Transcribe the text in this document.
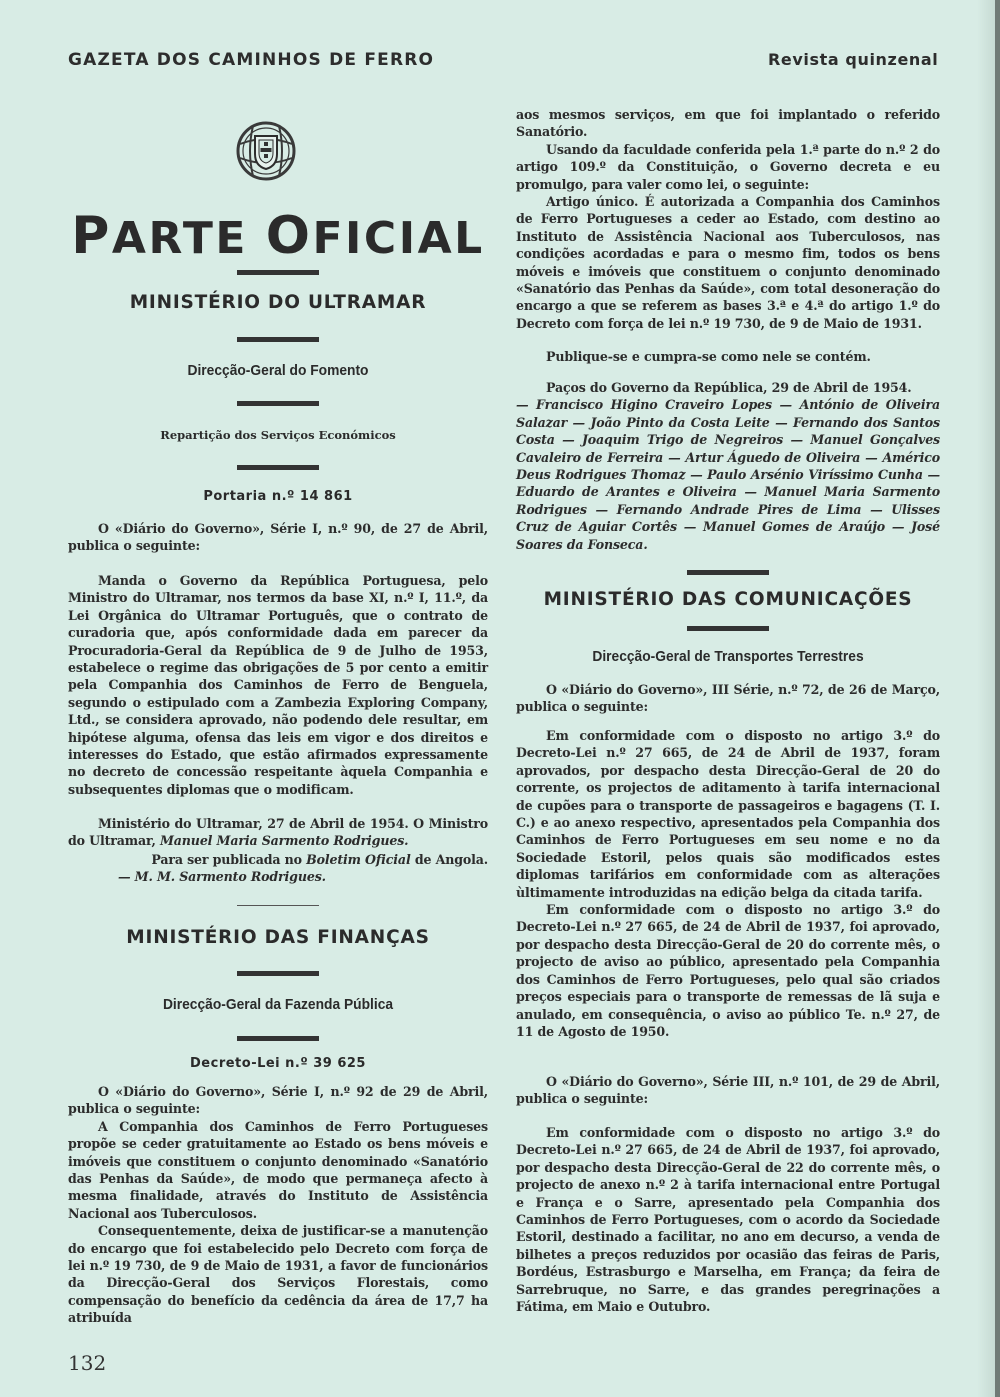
GAZETA DOS CAMINHOS DE FERRO	Revista quinzenal
PARTE OFICIAL
MINISTÉRIO DO ULTRAMAR
Direcção-Geral do Fomento
Repartição dos Serviços Económicos
Portaria n.º 14 861

O «Diário do Governo», Série I, n.º 90, de 27 de Abril, publica o seguinte:

Manda o Governo da República Portuguesa, pelo Ministro do Ultramar, nos termos da base XI, n.º I, 11.º, da Lei Orgânica do Ultramar Português, que o contrato de curadoria que, após conformidade dada em parecer da Procuradoria-Geral da República de 9 de Julho de 1953, estabelece o regime das obrigações de 5 por cento a emitir pela Companhia dos Caminhos de Ferro de Benguela, segundo o estipulado com a Zambezia Exploring Company, Ltd., se considera aprovado, não podendo dele resultar, em hipótese alguma, ofensa das leis em vigor e dos direitos e interesses do Estado, que estão afirmados expressamente no decreto de concessão respeitante àquela Companhia e subsequentes diplomas que o modificam.

Ministério do Ultramar, 27 de Abril de 1954. O Ministro do Ultramar, Manuel Maria Sarmento Rodrigues.

Para ser publicada no Boletim Oficial de Angola.

— M. M. Sarmento Rodrigues.

MINISTÉRIO DAS FINANÇAS
Direcção-Geral da Fazenda Pública
Decreto-Lei n.º 39 625

O «Diário do Governo», Série I, n.º 92 de 29 de Abril, publica o seguinte:

A Companhia dos Caminhos de Ferro Portugueses propõe se ceder gratuitamente ao Estado os bens móveis e imóveis que constituem o conjunto denominado «Sanatório das Penhas da Saúde», de modo que permaneça afecto à mesma finalidade, através do Instituto de Assistência Nacional aos Tuberculosos.

Consequentemente, deixa de justificar-se a manutenção do encargo que foi estabelecido pelo Decreto com força de lei n.º 19 730, de 9 de Maio de 1931, a favor de funcionários da Direcção-Geral dos Serviços Florestais, como compensação do benefício da cedência da área de 17,7 ha atribuída

aos mesmos serviços, em que foi implantado o referido Sanatório.

Usando da faculdade conferida pela 1.ª parte do n.º 2 do artigo 109.º da Constituição, o Governo decreta e eu promulgo, para valer como lei, o seguinte:

Artigo único. É autorizada a Companhia dos Caminhos de Ferro Portugueses a ceder ao Estado, com destino ao Instituto de Assistência Nacional aos Tuberculosos, nas condições acordadas e para o mesmo fim, todos os bens móveis e imóveis que constituem o conjunto denominado «Sanatório das Penhas da Saúde», com total desoneração do encargo a que se referem as bases 3.ª e 4.ª do artigo 1.º do Decreto com força de lei n.º 19 730, de 9 de Maio de 1931.

Publique-se e cumpra-se como nele se contém.

Paços do Governo da República, 29 de Abril de 1954.

— Francisco Higino Craveiro Lopes — António de Oliveira Salazar — João Pinto da Costa Leite — Fernando dos Santos Costa — Joaquim Trigo de Negreiros — Manuel Gonçalves Cavaleiro de Ferreira — Artur Águedo de Oliveira — Américo Deus Rodrigues Thomaz — Paulo Arsénio Viríssimo Cunha — Eduardo de Arantes e Oliveira — Manuel Maria Sarmento Rodrigues — Fernando Andrade Pires de Lima — Ulisses Cruz de Aguiar Cortês — Manuel Gomes de Araújo — José Soares da Fonseca.

MINISTÉRIO DAS COMUNICAÇÕES
Direcção-Geral de Transportes Terrestres

O «Diário do Governo», III Série, n.º 72, de 26 de Março, publica o seguinte:

Em conformidade com o disposto no artigo 3.º do Decreto-Lei n.º 27 665, de 24 de Abril de 1937, foram aprovados, por despacho desta Direcção-Geral de 20 do corrente, os projectos de aditamento à tarifa internacional de cupões para o transporte de passageiros e bagagens (T. I. C.) e ao anexo respectivo, apresentados pela Companhia dos Caminhos de Ferro Portugueses em seu nome e no da Sociedade Estoril, pelos quais são modificados estes diplomas tarifários em conformidade com as alterações ùltimamente introduzidas na edição belga da citada tarifa.

Em conformidade com o disposto no artigo 3.º do Decreto-Lei n.º 27 665, de 24 de Abril de 1937, foi aprovado, por despacho desta Direcção-Geral de 20 do corrente mês, o projecto de aviso ao público, apresentado pela Companhia dos Caminhos de Ferro Portugueses, pelo qual são criados preços especiais para o transporte de remessas de lã suja e anulado, em consequência, o aviso ao público Te. n.º 27, de 11 de Agosto de 1950.

O «Diário do Governo», Série III, n.º 101, de 29 de Abril, publica o seguinte:

Em conformidade com o disposto no artigo 3.º do Decreto-Lei n.º 27 665, de 24 de Abril de 1937, foi aprovado, por despacho desta Direcção-Geral de 22 do corrente mês, o projecto de anexo n.º 2 à tarifa internacional entre Portugal e França e o Sarre, apresentado pela Companhia dos Caminhos de Ferro Portugueses, com o acordo da Sociedade Estoril, destinado a facilitar, no ano em decurso, a venda de bilhetes a preços reduzidos por ocasião das feiras de Paris, Bordéus, Estrasburgo e Marselha, em França; da feira de Sarrebruque, no Sarre, e das grandes peregrinações a Fátima, em Maio e Outubro.

132
